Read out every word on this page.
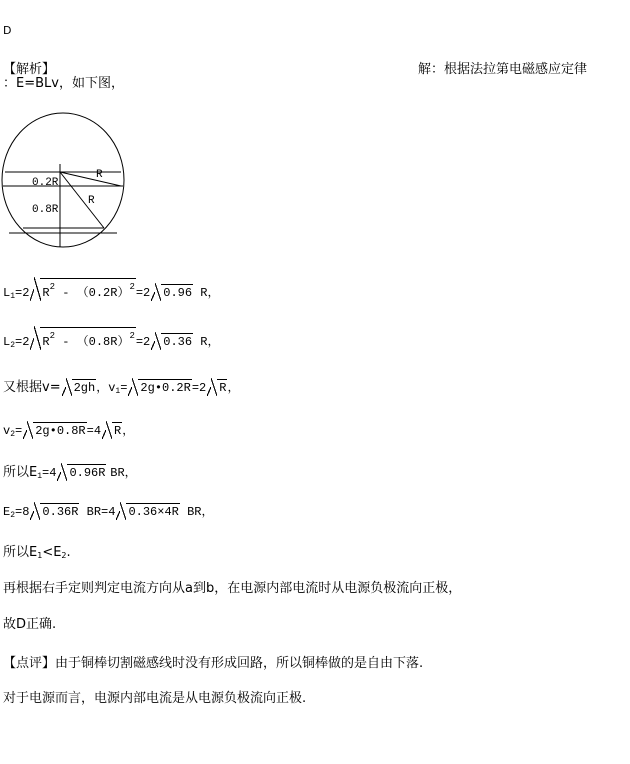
D
【解析】	解：根据法拉第电磁感应定律
：E=BLv，如下图，
0.2R
0.8R
R
R
L1=2 $R^2 - (0.2R)^2=2$ 0.96 R，
L2=2 $R^2 - (0.8R)^2=2$ 0.36 R，
又根据v= 2gh，v1= 2g•0.2R=2 R，
v2= 2g•0.8R=4 R，
所以E1=4 0.96R BR，
E2=8 0.36R BR=4 0.36×4R BR，
所以E1<E2.
再根据右手定则判定电流方向从a到b，在电源内部电流时从电源负极流向正极，
故D正确.
【点评】由于铜棒切割磁感线时没有形成回路，所以铜棒做的是自由下落.
对于电源而言，电源内部电流是从电源负极流向正极.
